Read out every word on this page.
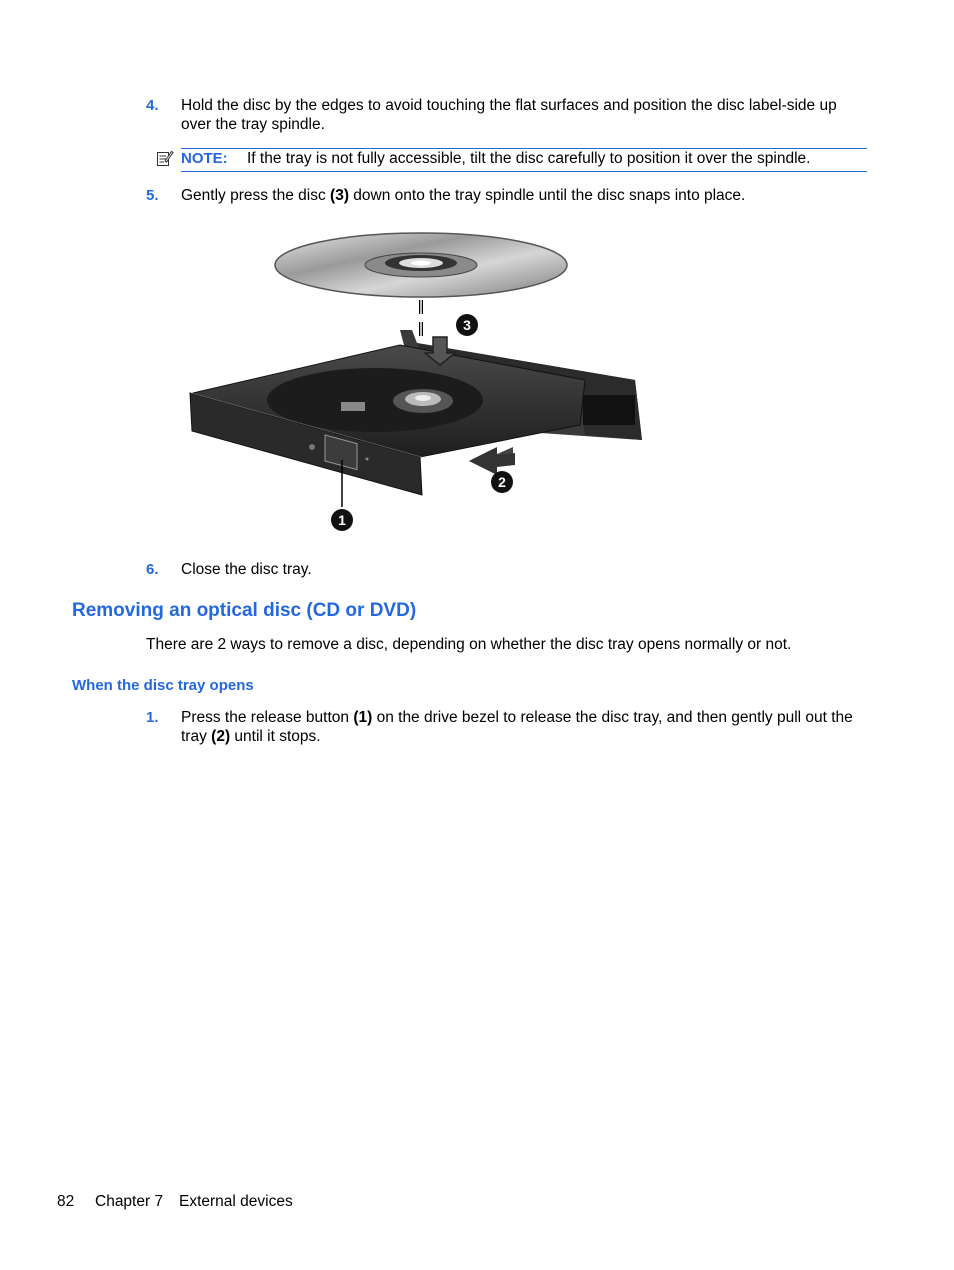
4. Hold the disc by the edges to avoid touching the flat surfaces and position the disc label-side up over the tray spindle.
NOTE: If the tray is not fully accessible, tilt the disc carefully to position it over the spindle.
5. Gently press the disc (3) down onto the tray spindle until the disc snaps into place.
3
2
1
6. Close the disc tray.
Removing an optical disc (CD or DVD)
There are 2 ways to remove a disc, depending on whether the disc tray opens normally or not.
When the disc tray opens
1. Press the release button (1) on the drive bezel to release the disc tray, and then gently pull out the tray (2) until it stops.
82 Chapter 7 External devices
